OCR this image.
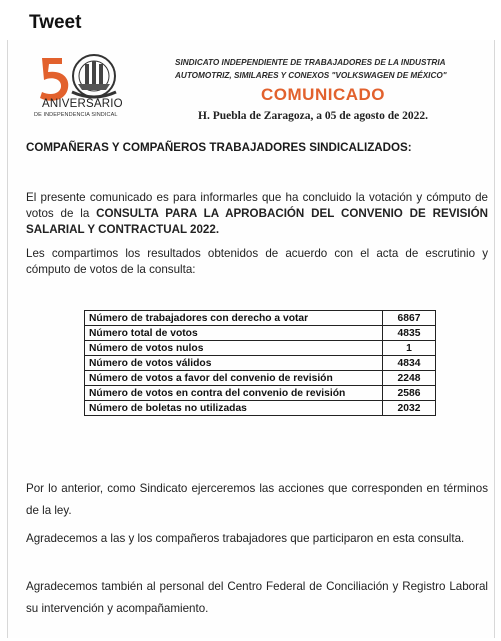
Tweet
ANIVERSARIO
DE INDEPENDENCIA SINDICAL
SINDICATO INDEPENDIENTE DE TRABAJADORES DE LA INDUSTRIA
AUTOMOTRIZ, SIMILARES Y CONEXOS "VOLKSWAGEN DE MÉXICO"
COMUNICADO
H. Puebla de Zaragoza, a 05 de agosto de 2022.
COMPAÑERAS Y COMPAÑEROS TRABAJADORES SINDICALIZADOS:
El presente comunicado es para informarles que ha concluido la votación y cómputo de votos de la CONSULTA PARA LA APROBACIÓN DEL CONVENIO DE REVISIÓN SALARIAL Y CONTRACTUAL 2022.
Les compartimos los resultados obtenidos de acuerdo con el acta de escrutinio y cómputo de votos de la consulta:
Número de trabajadores con derecho a votar	6867
Número total de votos	4835
Número de votos nulos	1
Número de votos válidos	4834
Número de votos a favor del convenio de revisión	2248
Número de votos en contra del convenio de revisión	2586
Número de boletas no utilizadas	2032
Por lo anterior, como Sindicato ejerceremos las acciones que corresponden en términos de la ley.
Agradecemos a las y los compañeros trabajadores que participaron en esta consulta.
Agradecemos también al personal del Centro Federal de Conciliación y Registro Laboral su intervención y acompañamiento.
